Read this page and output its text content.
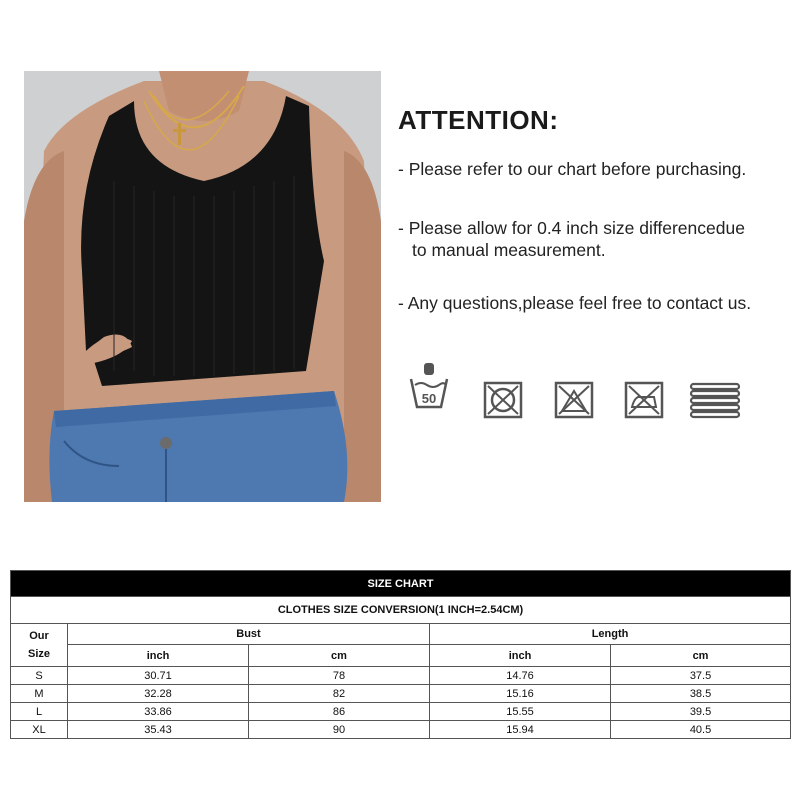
ATTENTION:

- Please refer to our chart before purchasing.

- Please allow for 0.4 inch size differencedue
to manual measurement.

- Any questions,please feel free to contact us.

50
SIZE CHART				
CLOTHES SIZE CONVERSION(1 INCH=2.54CM)				
Our
Size	Bust		Length	
	inch	cm	inch	cm
S	30.71	78	14.76	37.5
M	32.28	82	15.16	38.5
L	33.86	86	15.55	39.5
XL	35.43	90	15.94	40.5
